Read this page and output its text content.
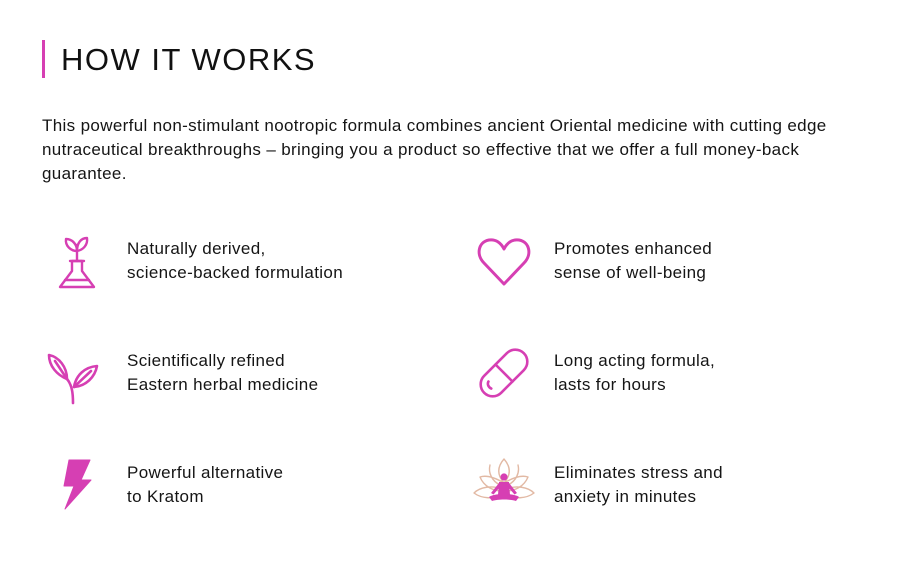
HOW IT WORKS

This powerful non-stimulant nootropic formula combines ancient Oriental medicine with cutting edge nutraceutical breakthroughs – bringing you a product so effective that we offer a full money-back guarantee.

Naturally derived,
science-backed formulation
Promotes enhanced
sense of well-being
Scientifically refined
Eastern herbal medicine
Long acting formula,
lasts for hours
Powerful alternative
to Kratom
Eliminates stress and
anxiety in minutes
